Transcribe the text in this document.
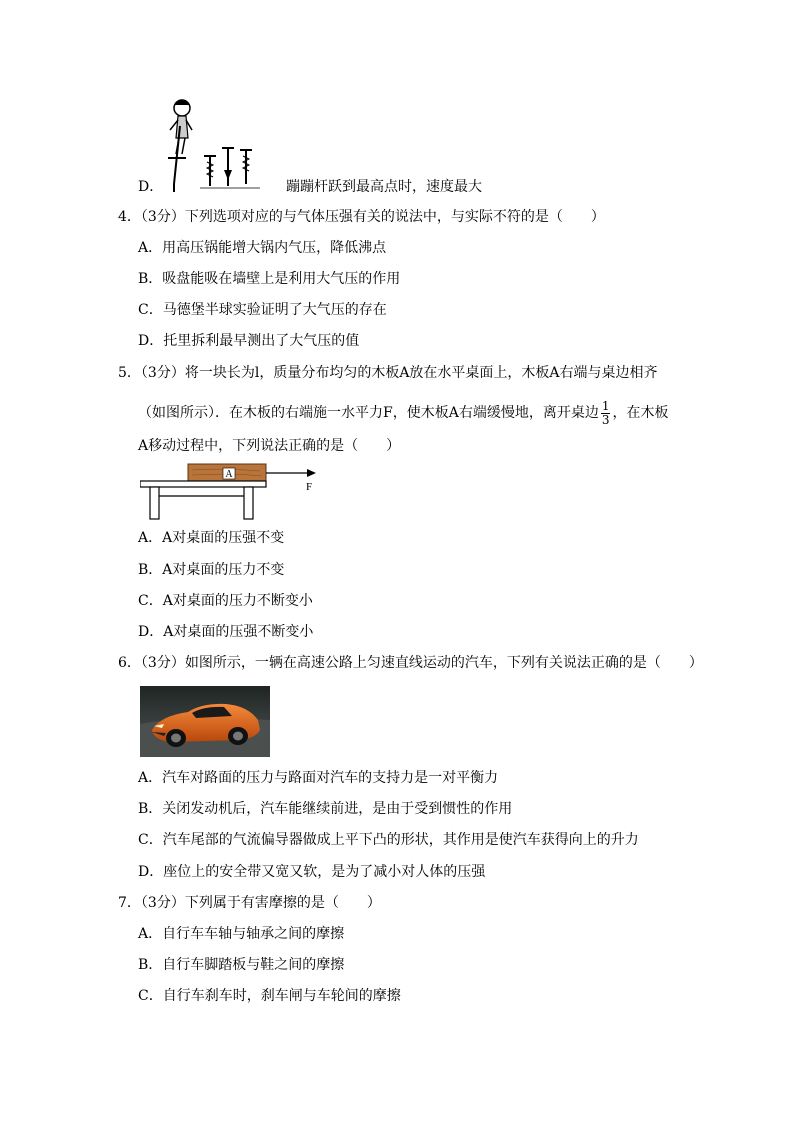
D．	蹦蹦杆跃到最高点时，速度最大
4．（3分）下列选项对应的与气体压强有关的说法中，与实际不符的是（　　）
A．用高压锅能增大锅内气压，降低沸点
B．吸盘能吸在墙壁上是利用大气压的作用
C．马德堡半球实验证明了大气压的存在
D．托里拆利最早测出了大气压的值
5．（3分）将一块长为l，质量分布均匀的木板A放在水平桌面上，木板A右端与桌边相齐
（如图所示）．在木板的右端施一水平力F，使木板A右端缓慢地，离开桌边 $\frac{1}{3}$ ，在木板
A移动过程中，下列说法正确的是（　　）
A
F
A．A对桌面的压强不变
B．A对桌面的压力不变
C．A对桌面的压力不断变小
D．A对桌面的压强不断变小
6．（3分）如图所示，一辆在高速公路上匀速直线运动的汽车，下列有关说法正确的是（　　）
A．汽车对路面的压力与路面对汽车的支持力是一对平衡力
B．关闭发动机后，汽车能继续前进，是由于受到惯性的作用
C．汽车尾部的气流偏导器做成上平下凸的形状，其作用是使汽车获得向上的升力
D．座位上的安全带又宽又软，是为了减小对人体的压强
7．（3分）下列属于有害摩擦的是（　　）
A．自行车车轴与轴承之间的摩擦
B．自行车脚踏板与鞋之间的摩擦
C．自行车刹车时，刹车闸与车轮间的摩擦
